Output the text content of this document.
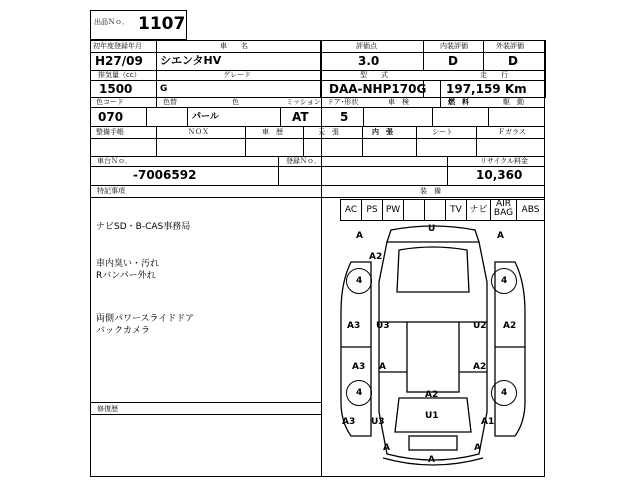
出品Ｎｏ． 1107
初年度登録年月
H27/09
車　　名
シエンタHV
評価点
3.0
内装評価
D
外装評価
D
排気量（cc）
1500
グレード
G
型　　式
DAA-NHP170G
走　　行
197,159 Km
色コード
070
色替	色
パール
ミッション
AT
ドア･形状
5
車　検	燃　料	駆　動
整備手帳	ＮＯＸ	車　歴	天　張	内　張	シート	Ｆガラス
車台Ｎｏ．
-7006592
登録Ｎｏ．	リサイクル料金
10,360
特記事項
ナビSD・B-CAS事務局
車内臭い・汚れ
Rバンパー外れ
両側パワースライドドア
バックカメラ
修復歴
装　備
AC	PS PW	TV ナビ
AIR BAG ABS
A
U
A
A2
4	4
A3 U3	U2 A2
A3 A	A2
4	4
A2
U1
A3 U3	A1
A	A
A
